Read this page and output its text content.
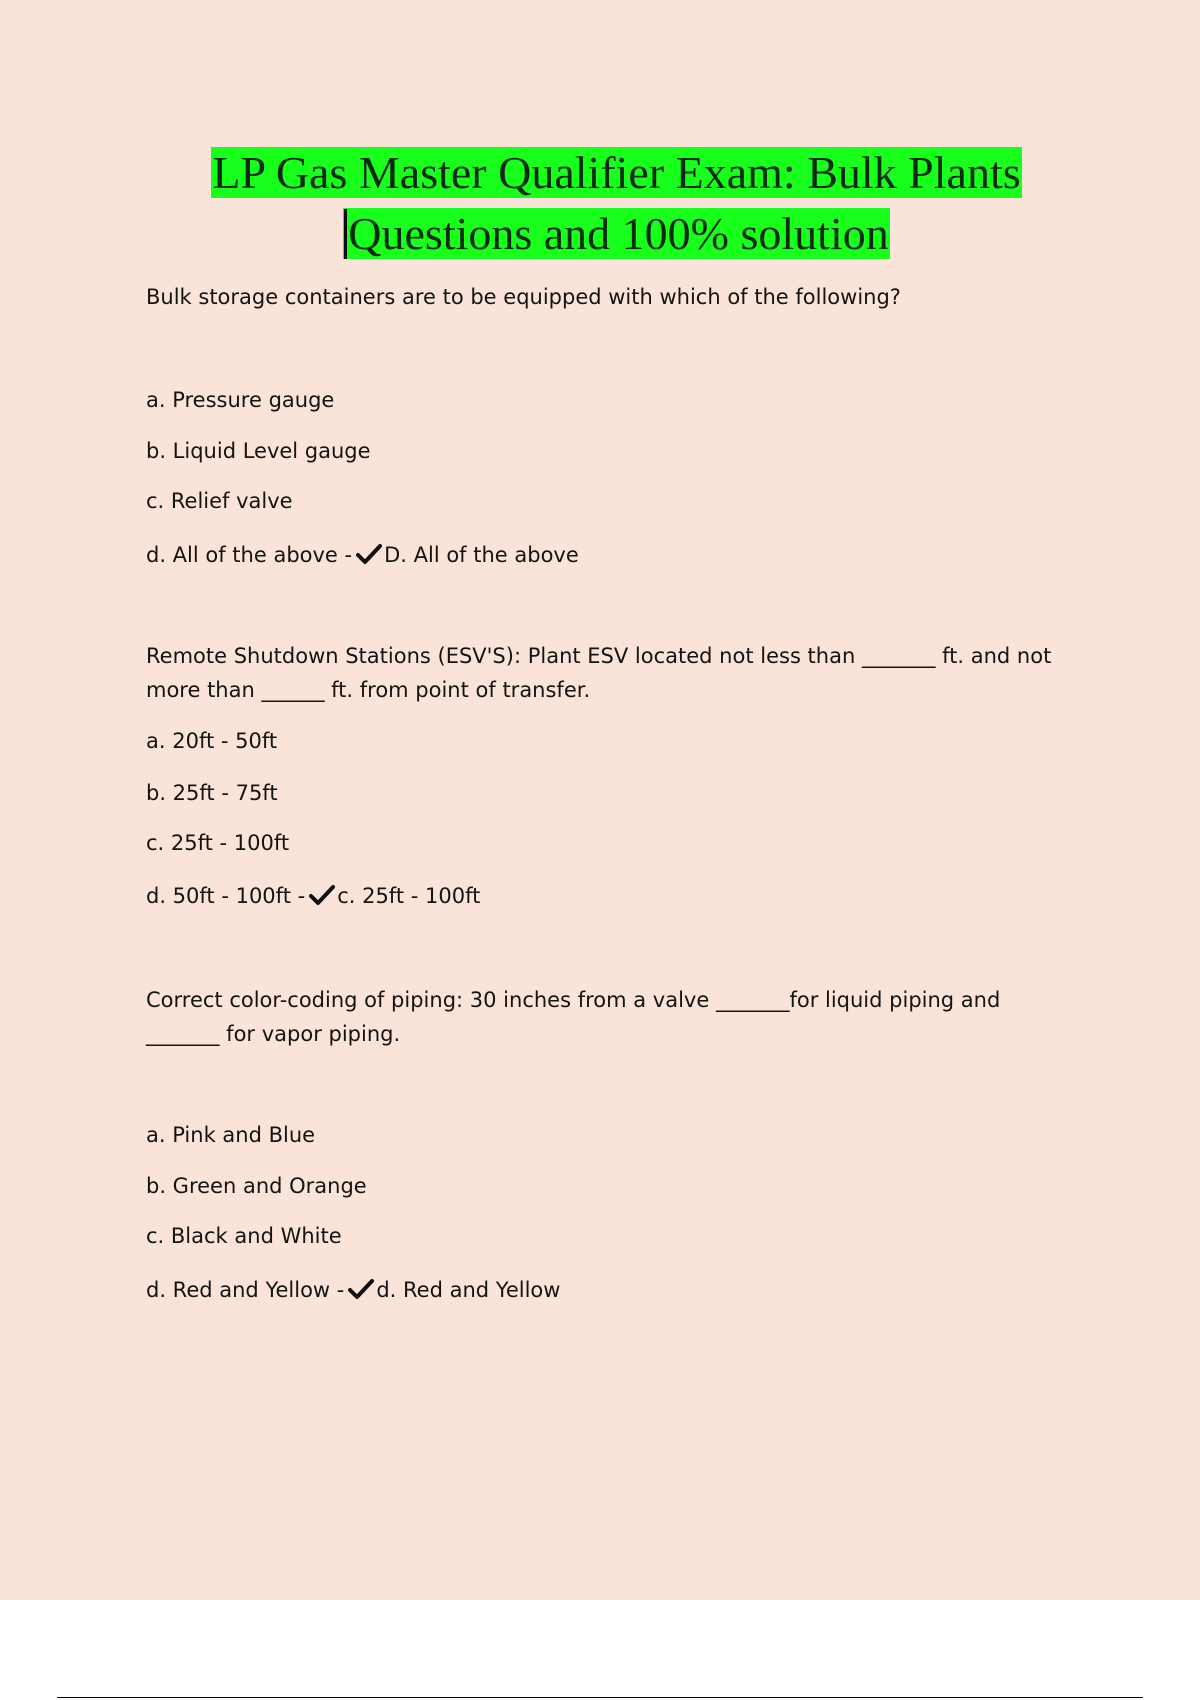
LP Gas Master Qualifier Exam: Bulk Plants
Questions and 100% solution
Bulk storage containers are to be equipped with which of the following?
a. Pressure gauge
b. Liquid Level gauge
c. Relief valve
d. All of the above - D. All of the above
Remote Shutdown Stations (ESV'S): Plant ESV located not less than _______ ft. and not
more than ______ ft. from point of transfer.
a. 20ft - 50ft
b. 25ft - 75ft
c. 25ft - 100ft
d. 50ft - 100ft - c. 25ft - 100ft
Correct color-coding of piping: 30 inches from a valve _______for liquid piping and
_______ for vapor piping.
a. Pink and Blue
b. Green and Orange
c. Black and White
d. Red and Yellow - d. Red and Yellow
